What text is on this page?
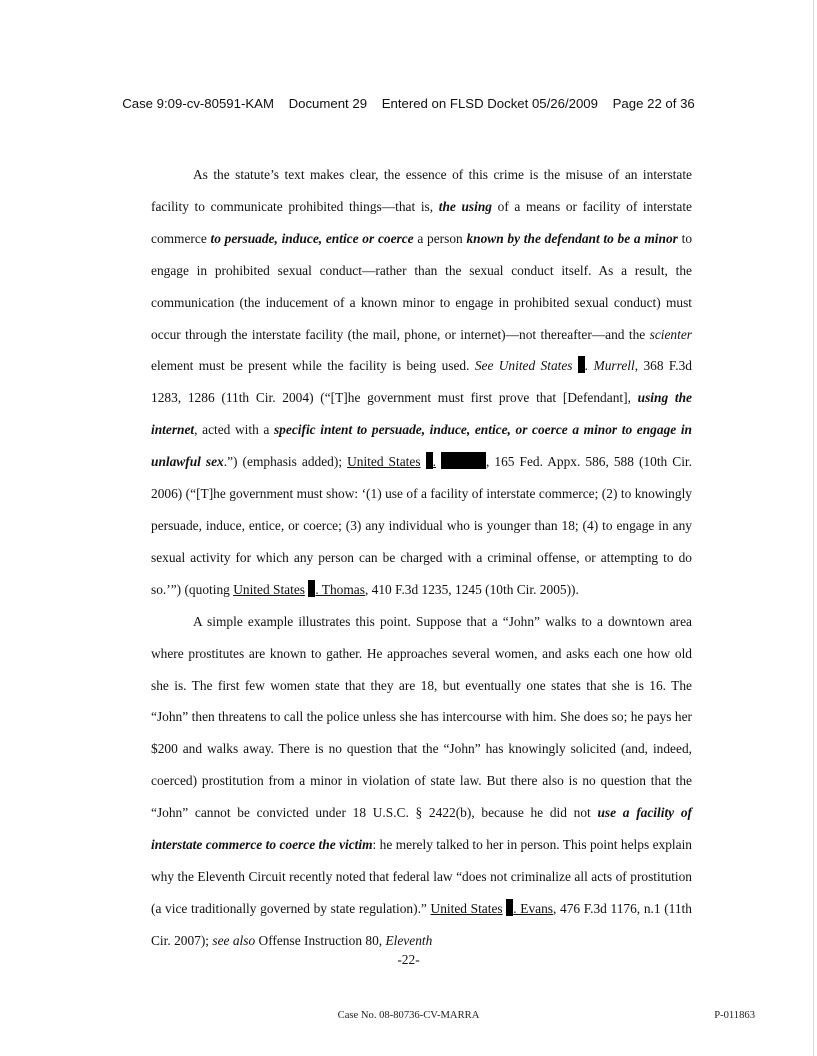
Case 9:09-cv-80591-KAM Document 29 Entered on FLSD Docket 05/26/2009 Page 22 of 36

As the statute’s text makes clear, the essence of this crime is the misuse of an interstate facility to communicate prohibited things—that is, the using of a means or facility of interstate commerce to persuade, induce, entice or coerce a person known by the defendant to be a minor to engage in prohibited sexual conduct—rather than the sexual conduct itself. As a result, the communication (the inducement of a known minor to engage in prohibited sexual conduct) must occur through the interstate facility (the mail, phone, or internet)—not thereafter—and the scienter element must be present while the facility is being used. See United States . Murrell, 368 F.3d 1283, 1286 (11th Cir. 2004) (“[T]he government must first prove that [Defendant], using the internet, acted with a specific intent to persuade, induce, entice, or coerce a minor to engage in unlawful sex.”) (emphasis added); United States .	, 165 Fed. Appx. 586, 588 (10th Cir. 2006) (“[T]he government must show: ‘(1) use of a facility of interstate commerce; (2) to knowingly persuade, induce, entice, or coerce; (3) any individual who is younger than 18; (4) to engage in any sexual activity for which any person can be charged with a criminal offense, or attempting to do so.’”) (quoting United States . Thomas, 410 F.3d 1235, 1245 (10th Cir. 2005)).

A simple example illustrates this point. Suppose that a “John” walks to a downtown area where prostitutes are known to gather. He approaches several women, and asks each one how old she is. The first few women state that they are 18, but eventually one states that she is 16. The “John” then threatens to call the police unless she has intercourse with him. She does so; he pays her $200 and walks away. There is no question that the “John” has knowingly solicited (and, indeed, coerced) prostitution from a minor in violation of state law. But there also is no question that the “John” cannot be convicted under 18 U.S.C. § 2422(b), because he did not use a facility of interstate commerce to coerce the victim: he merely talked to her in person. This point helps explain why the Eleventh Circuit recently noted that federal law “does not criminalize all acts of prostitution (a vice traditionally governed by state regulation).” United States . Evans, 476 F.3d 1176, n.1 (11th Cir. 2007); see also Offense Instruction 80, Eleventh

-22-
Case No. 08-80736-CV-MARRA	P-011863
